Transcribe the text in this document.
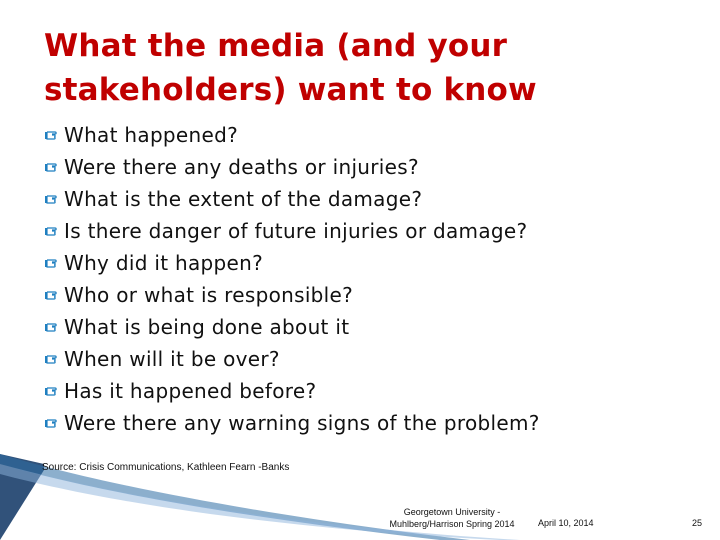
What the media (and your stakeholders) want to know
What happened?
Were there any deaths or injuries?
What is the extent of the damage?
Is there danger of future injuries or damage?
Why did it happen?
Who or what is responsible?
What is being done about it
When will it be over?
Has it happened before?
Were there any warning signs of the problem?
Source: Crisis Communications, Kathleen Fearn -Banks
Georgetown University -
Muhlberg/Harrison Spring 2014	April 10, 2014	25
